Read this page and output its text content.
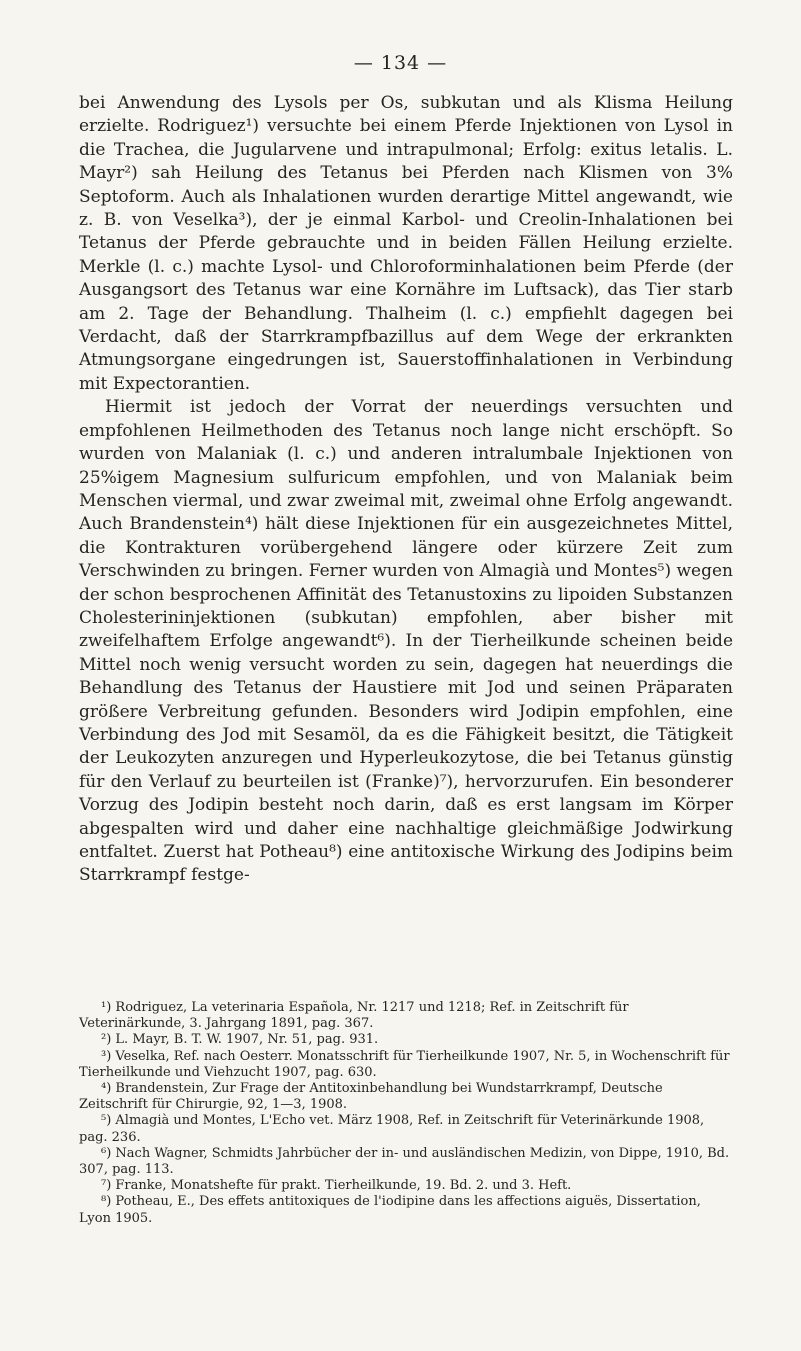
— 134 —

bei Anwendung des Lysols per Os, subkutan und als Klisma Heilung erzielte. Rodriguez¹) versuchte bei einem Pferde Injektionen von Lysol in die Trachea, die Jugularvene und intrapulmonal; Erfolg: exitus letalis. L. Mayr²) sah Heilung des Tetanus bei Pferden nach Klismen von 3% Septoform. Auch als Inhalationen wurden derartige Mittel angewandt, wie z. B. von Veselka³), der je einmal Karbol- und Creolin-Inhalationen bei Tetanus der Pferde gebrauchte und in beiden Fällen Heilung erzielte. Merkle (l. c.) machte Lysol- und Chloroforminhalationen beim Pferde (der Ausgangsort des Tetanus war eine Kornähre im Luftsack), das Tier starb am 2. Tage der Behandlung. Thalheim (l. c.) empfiehlt dagegen bei Verdacht, daß der Starrkrampfbazillus auf dem Wege der erkrankten Atmungsorgane eingedrungen ist, Sauerstoffinhalationen in Verbindung mit Expectorantien.

Hiermit ist jedoch der Vorrat der neuerdings versuchten und empfohlenen Heilmethoden des Tetanus noch lange nicht erschöpft. So wurden von Malaniak (l. c.) und anderen intralumbale Injektionen von 25%igem Magnesium sulfuricum empfohlen, und von Malaniak beim Menschen viermal, und zwar zweimal mit, zweimal ohne Erfolg angewandt. Auch Brandenstein⁴) hält diese Injektionen für ein ausgezeichnetes Mittel, die Kontrakturen vorübergehend längere oder kürzere Zeit zum Verschwinden zu bringen. Ferner wurden von Almagià und Montes⁵) wegen der schon besprochenen Affinität des Tetanustoxins zu lipoiden Substanzen Cholesterininjektionen (subkutan) empfohlen, aber bisher mit zweifelhaftem Erfolge angewandt⁶). In der Tierheilkunde scheinen beide Mittel noch wenig versucht worden zu sein, dagegen hat neuerdings die Behandlung des Tetanus der Haustiere mit Jod und seinen Präparaten größere Verbreitung gefunden. Besonders wird Jodipin empfohlen, eine Verbindung des Jod mit Sesamöl, da es die Fähigkeit besitzt, die Tätigkeit der Leukozyten anzuregen und Hyperleukozytose, die bei Tetanus günstig für den Verlauf zu beurteilen ist (Franke)⁷), hervorzurufen. Ein besonderer Vorzug des Jodipin besteht noch darin, daß es erst langsam im Körper abgespalten wird und daher eine nachhaltige gleichmäßige Jodwirkung entfaltet. Zuerst hat Potheau⁸) eine antitoxische Wirkung des Jodipins beim Starrkrampf festge-

¹) Rodriguez, La veterinaria Española, Nr. 1217 und 1218; Ref. in Zeitschrift für Veterinärkunde, 3. Jahrgang 1891, pag. 367.
²) L. Mayr, B. T. W. 1907, Nr. 51, pag. 931.
³) Veselka, Ref. nach Oesterr. Monatsschrift für Tierheilkunde 1907, Nr. 5, in Wochenschrift für Tierheilkunde und Viehzucht 1907, pag. 630.
⁴) Brandenstein, Zur Frage der Antitoxinbehandlung bei Wundstarrkrampf, Deutsche Zeitschrift für Chirurgie, 92, 1—3, 1908.
⁵) Almagià und Montes, L'Echo vet. März 1908, Ref. in Zeitschrift für Veterinärkunde 1908, pag. 236.
⁶) Nach Wagner, Schmidts Jahrbücher der in- und ausländischen Medizin, von Dippe, 1910, Bd. 307, pag. 113.
⁷) Franke, Monatshefte für prakt. Tierheilkunde, 19. Bd. 2. und 3. Heft.
⁸) Potheau, E., Des effets antitoxiques de l'iodipine dans les affections aiguës, Dissertation, Lyon 1905.
